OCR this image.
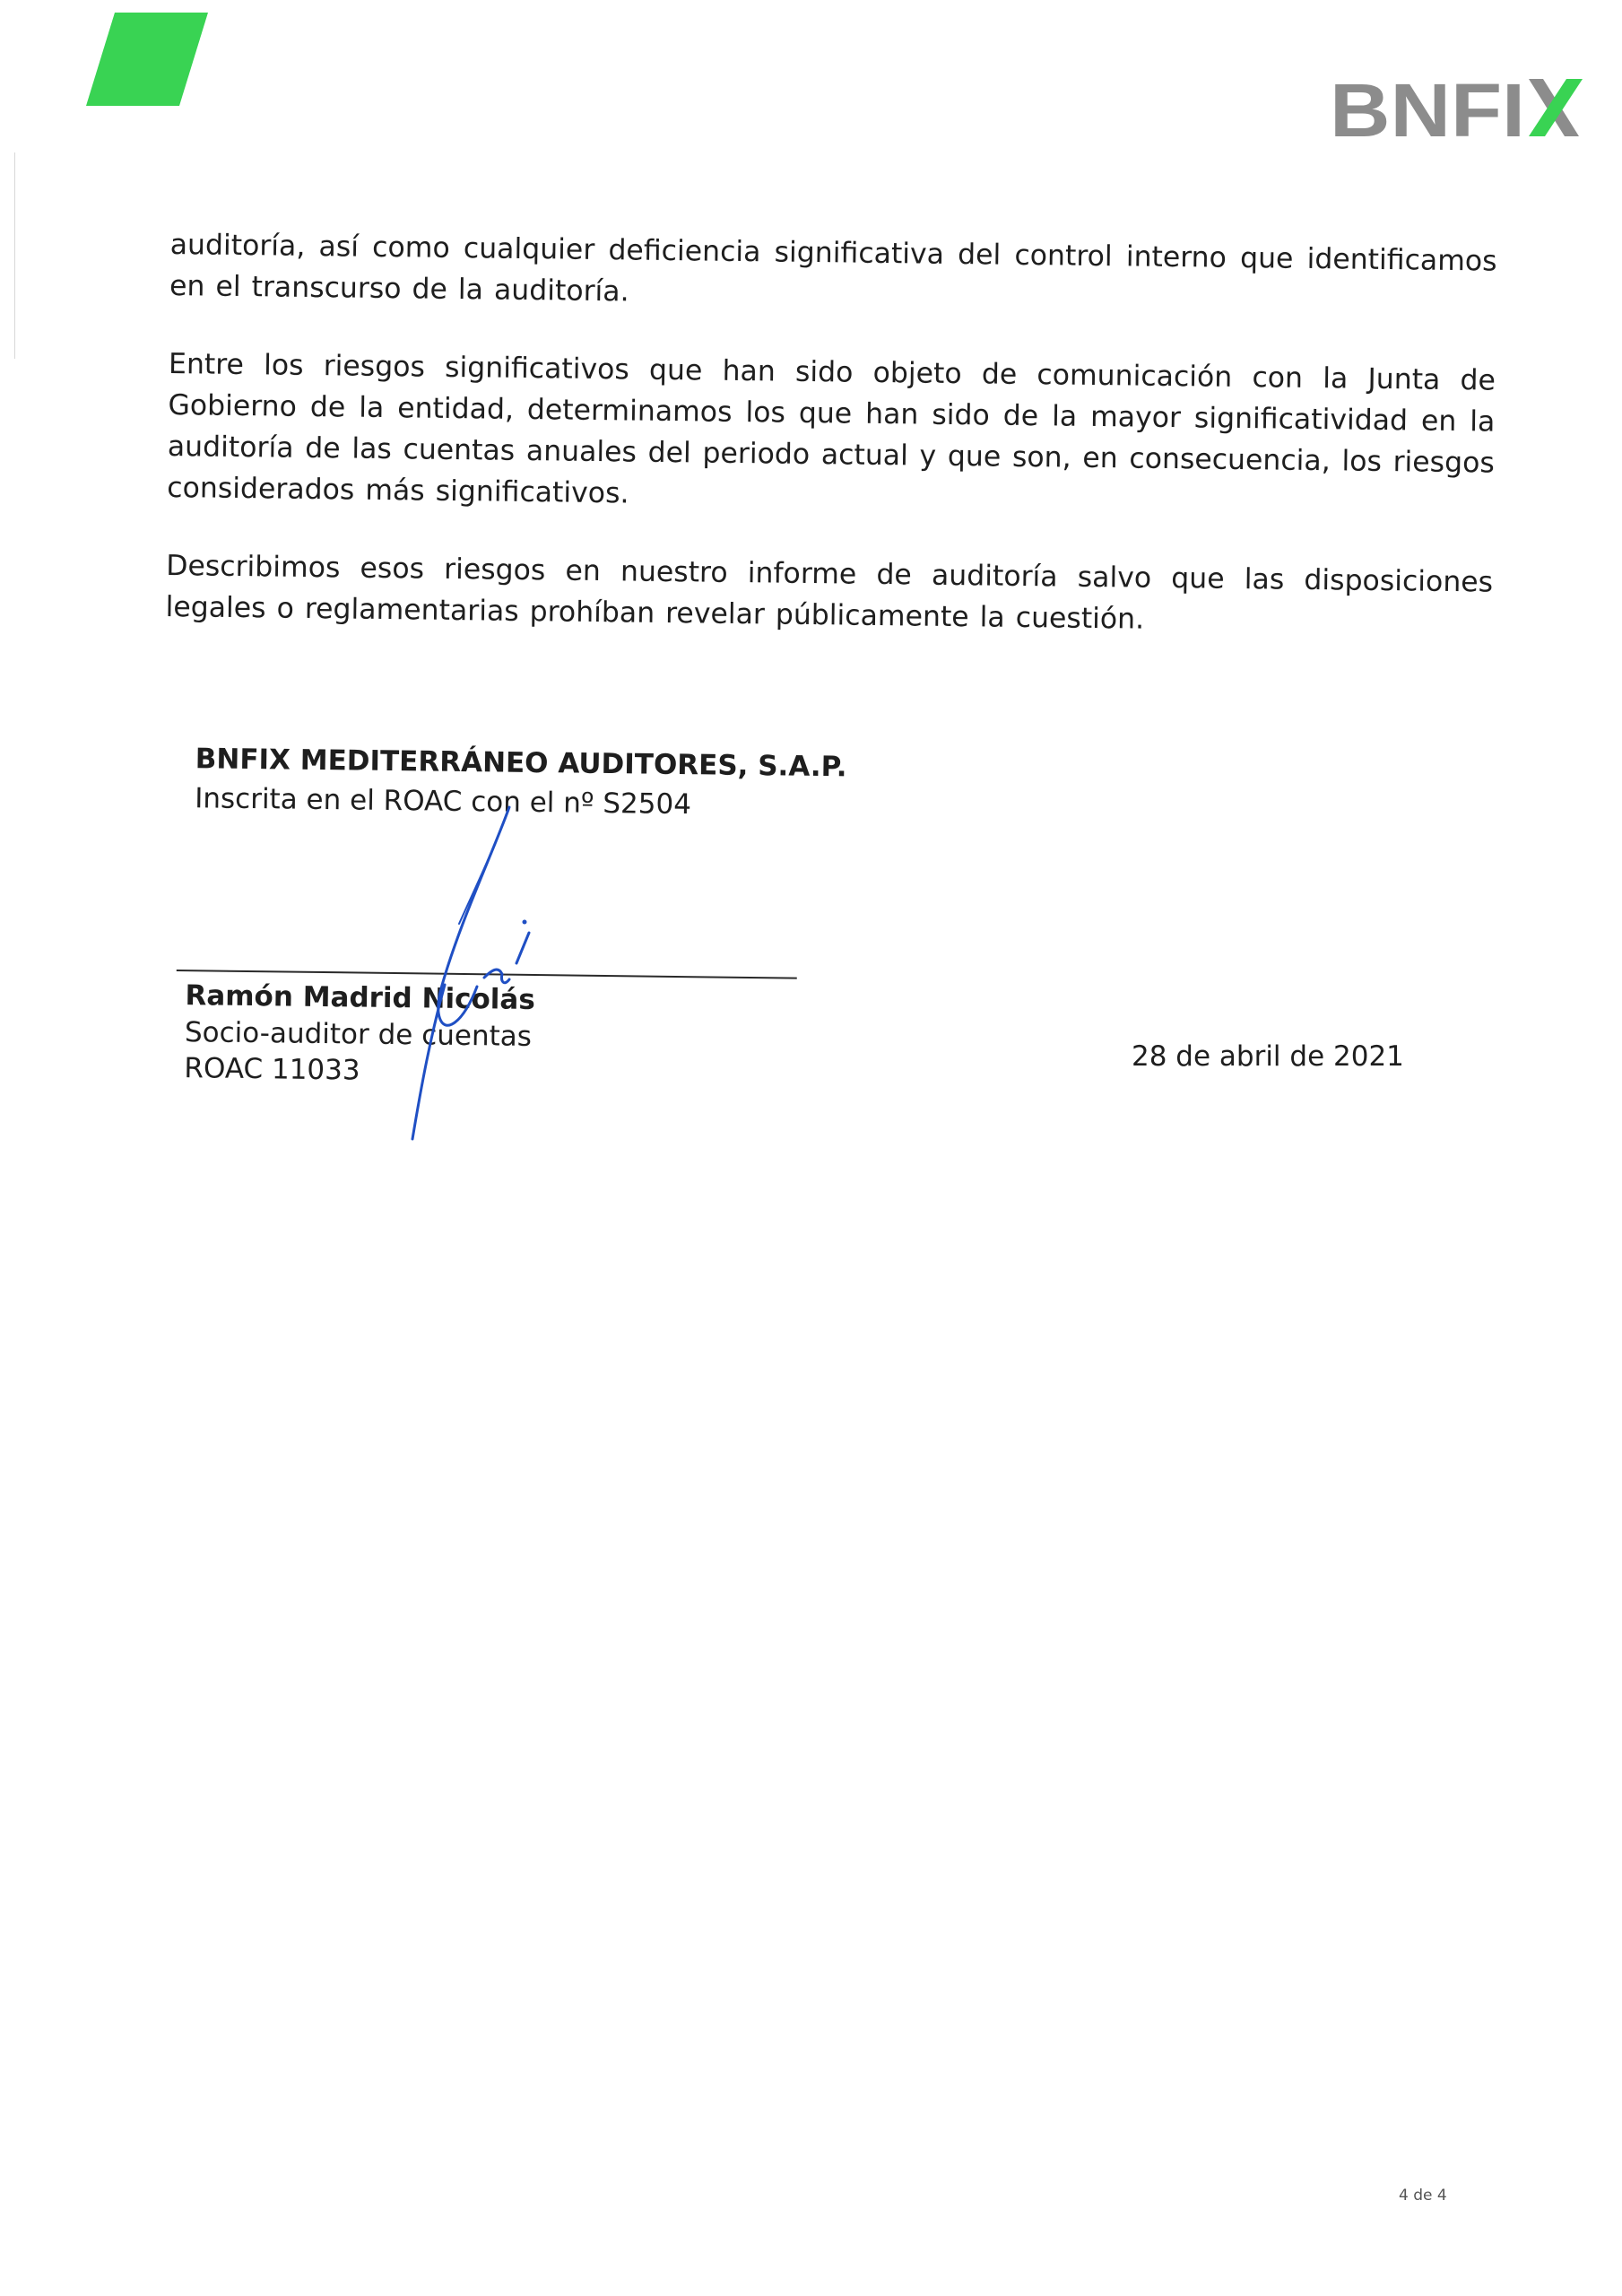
BNFI

auditoría, así como cualquier deficiencia significativa del control interno que identificamos en el transcurso de la auditoría.

Entre los riesgos significativos que han sido objeto de comunicación con la Junta de Gobierno de la entidad, determinamos los que han sido de la mayor significatividad en la auditoría de las cuentas anuales del periodo actual y que son, en consecuencia, los riesgos considerados más significativos.

Describimos esos riesgos en nuestro informe de auditoría salvo que las disposiciones legales o reglamentarias prohíban revelar públicamente la cuestión.

BNFIX MEDITERRÁNEO AUDITORES, S.A.P.
Inscrita en el ROAC con el nº S2504
Ramón Madrid Nicolás
Socio-auditor de cuentas
ROAC 11033	28 de abril de 2021
4 de 4
